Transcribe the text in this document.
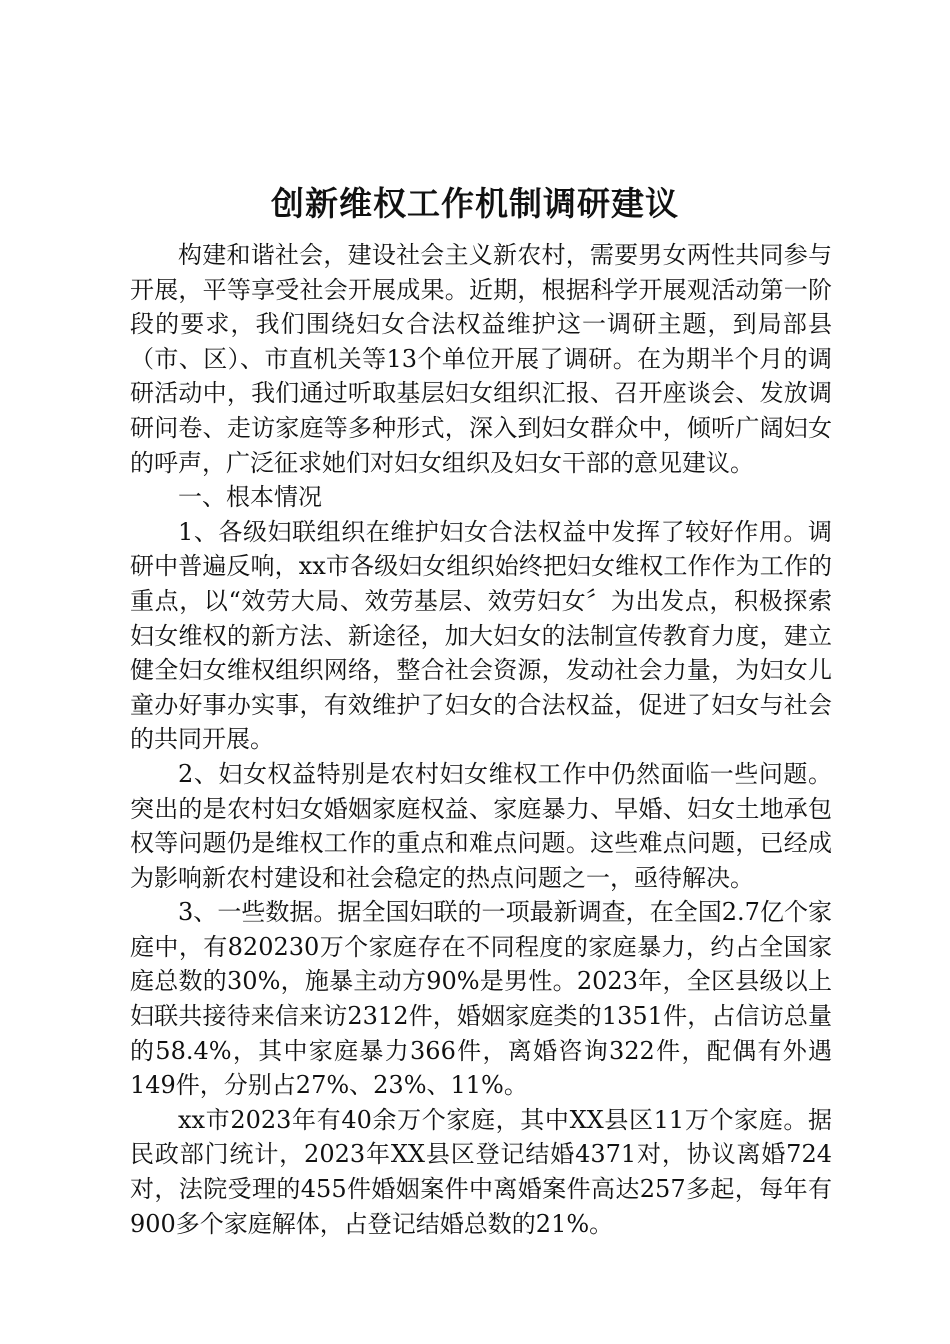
创新维权工作机制调研建议

构建和谐社会，建设社会主义新农村，需要男女两性共同参与开展，平等享受社会开展成果。近期，根据科学开展观活动第一阶段的要求，我们围绕妇女合法权益维护这一调研主题，到局部县（市、区）、市直机关等13个单位开展了调研。在为期半个月的调研活动中，我们通过听取基层妇女组织汇报、召开座谈会、发放调研问卷、走访家庭等多种形式，深入到妇女群众中，倾听广阔妇女的呼声，广泛征求她们对妇女组织及妇女干部的意见建议。

一、根本情况

1、各级妇联组织在维护妇女合法权益中发挥了较好作用。调研中普遍反响，xx市各级妇女组织始终把妇女维权工作作为工作的重点，以“效劳大局、效劳基层、效劳妇女〞为出发点，积极探索妇女维权的新方法、新途径，加大妇女的法制宣传教育力度，建立健全妇女维权组织网络，整合社会资源，发动社会力量，为妇女儿童办好事办实事，有效维护了妇女的合法权益，促进了妇女与社会的共同开展。

2、妇女权益特别是农村妇女维权工作中仍然面临一些问题。突出的是农村妇女婚姻家庭权益、家庭暴力、早婚、妇女土地承包权等问题仍是维权工作的重点和难点问题。这些难点问题，已经成为影响新农村建设和社会稳定的热点问题之一，亟待解决。

3、一些数据。据全国妇联的一项最新调查，在全国2.7亿个家庭中，有820230万个家庭存在不同程度的家庭暴力，约占全国家庭总数的30%，施暴主动方90%是男性。2023年，全区县级以上妇联共接待来信来访2312件，婚姻家庭类的1351件，占信访总量的58.4%，其中家庭暴力366件，离婚咨询322件，配偶有外遇149件，分别占27%、23%、11%。

xx市2023年有40余万个家庭，其中XX县区11万个家庭。据民政部门统计，2023年XX县区登记结婚4371对，协议离婚724对，法院受理的455件婚姻案件中离婚案件高达257多起，每年有900多个家庭解体，占登记结婚总数的21%。
